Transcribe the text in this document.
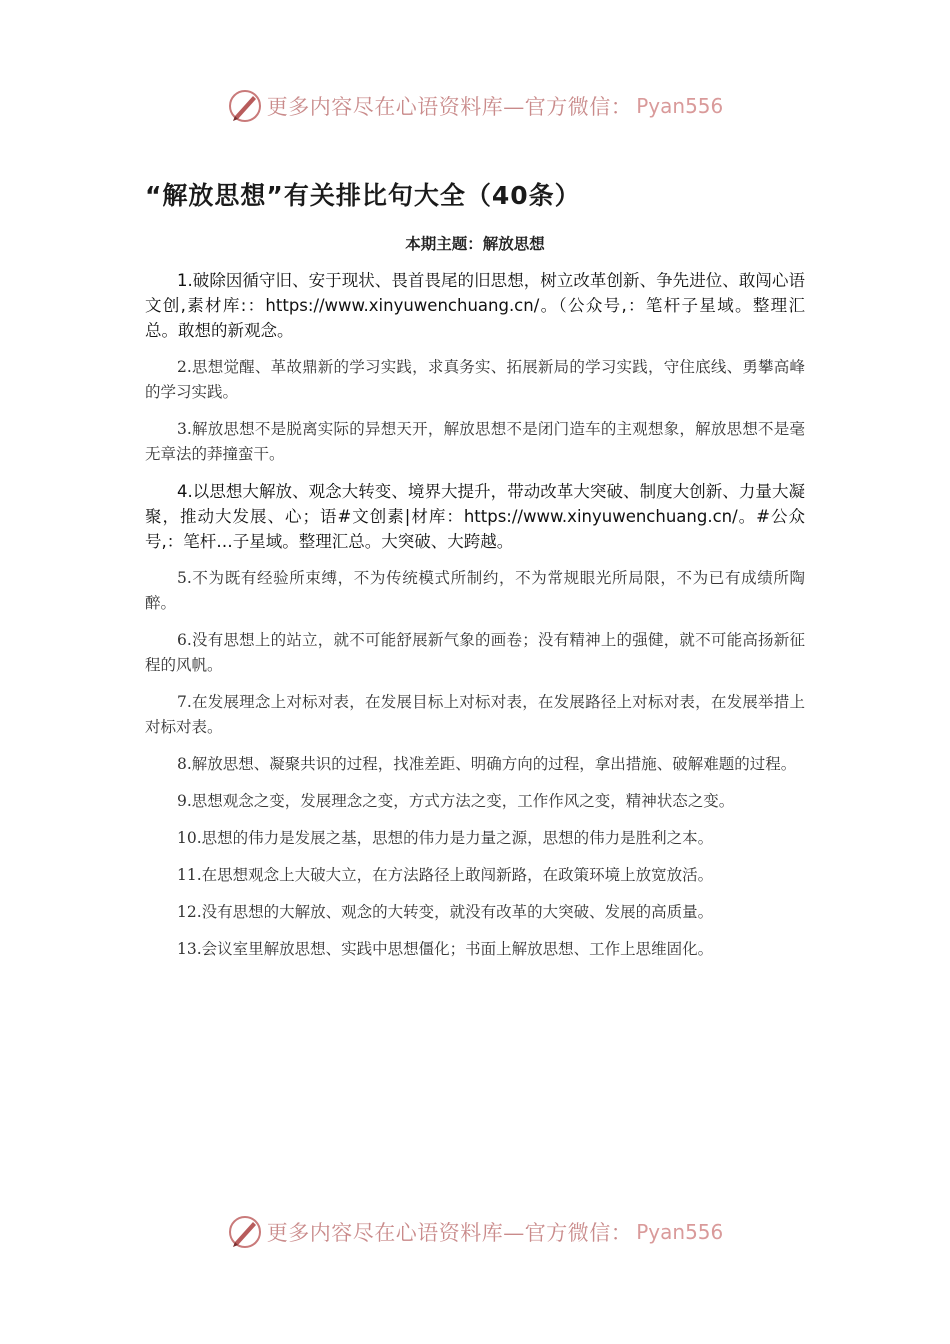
更多内容尽在心语资料库—官方微信： Pyan556
“解放思想”有关排比句大全（40条）
本期主题：解放思想

1.破除因循守旧、安于现状、畏首畏尾的旧思想，树立改革创新、争先进位、敢闯心语文创,素材库:：https://www.xinyuwenchuang.cn/。（公众号,：笔杆子星域。整理汇总。敢想的新观念。

2.思想觉醒、革故鼎新的学习实践，求真务实、拓展新局的学习实践，守住底线、勇攀高峰的学习实践。

3.解放思想不是脱离实际的异想天开，解放思想不是闭门造车的主观想象，解放思想不是毫无章法的莽撞蛮干。

4.以思想大解放、观念大转变、境界大提升，带动改革大突破、制度大创新、力量大凝聚，推动大发展、心；语#文创素|材库：https://www.xinyuwenchuang.cn/。#公众号,：笔杆…子星域。整理汇总。大突破、大跨越。

5.不为既有经验所束缚，不为传统模式所制约，不为常规眼光所局限，不为已有成绩所陶醉。

6.没有思想上的站立，就不可能舒展新气象的画卷；没有精神上的强健，就不可能高扬新征程的风帆。

7.在发展理念上对标对表，在发展目标上对标对表，在发展路径上对标对表，在发展举措上对标对表。

8.解放思想、凝聚共识的过程，找准差距、明确方向的过程，拿出措施、破解难题的过程。

9.思想观念之变，发展理念之变，方式方法之变，工作作风之变，精神状态之变。

10.思想的伟力是发展之基，思想的伟力是力量之源，思想的伟力是胜利之本。

11.在思想观念上大破大立，在方法路径上敢闯新路，在政策环境上放宽放活。

12.没有思想的大解放、观念的大转变，就没有改革的大突破、发展的高质量。

13.会议室里解放思想、实践中思想僵化；书面上解放思想、工作上思维固化。

更多内容尽在心语资料库—官方微信： Pyan556
